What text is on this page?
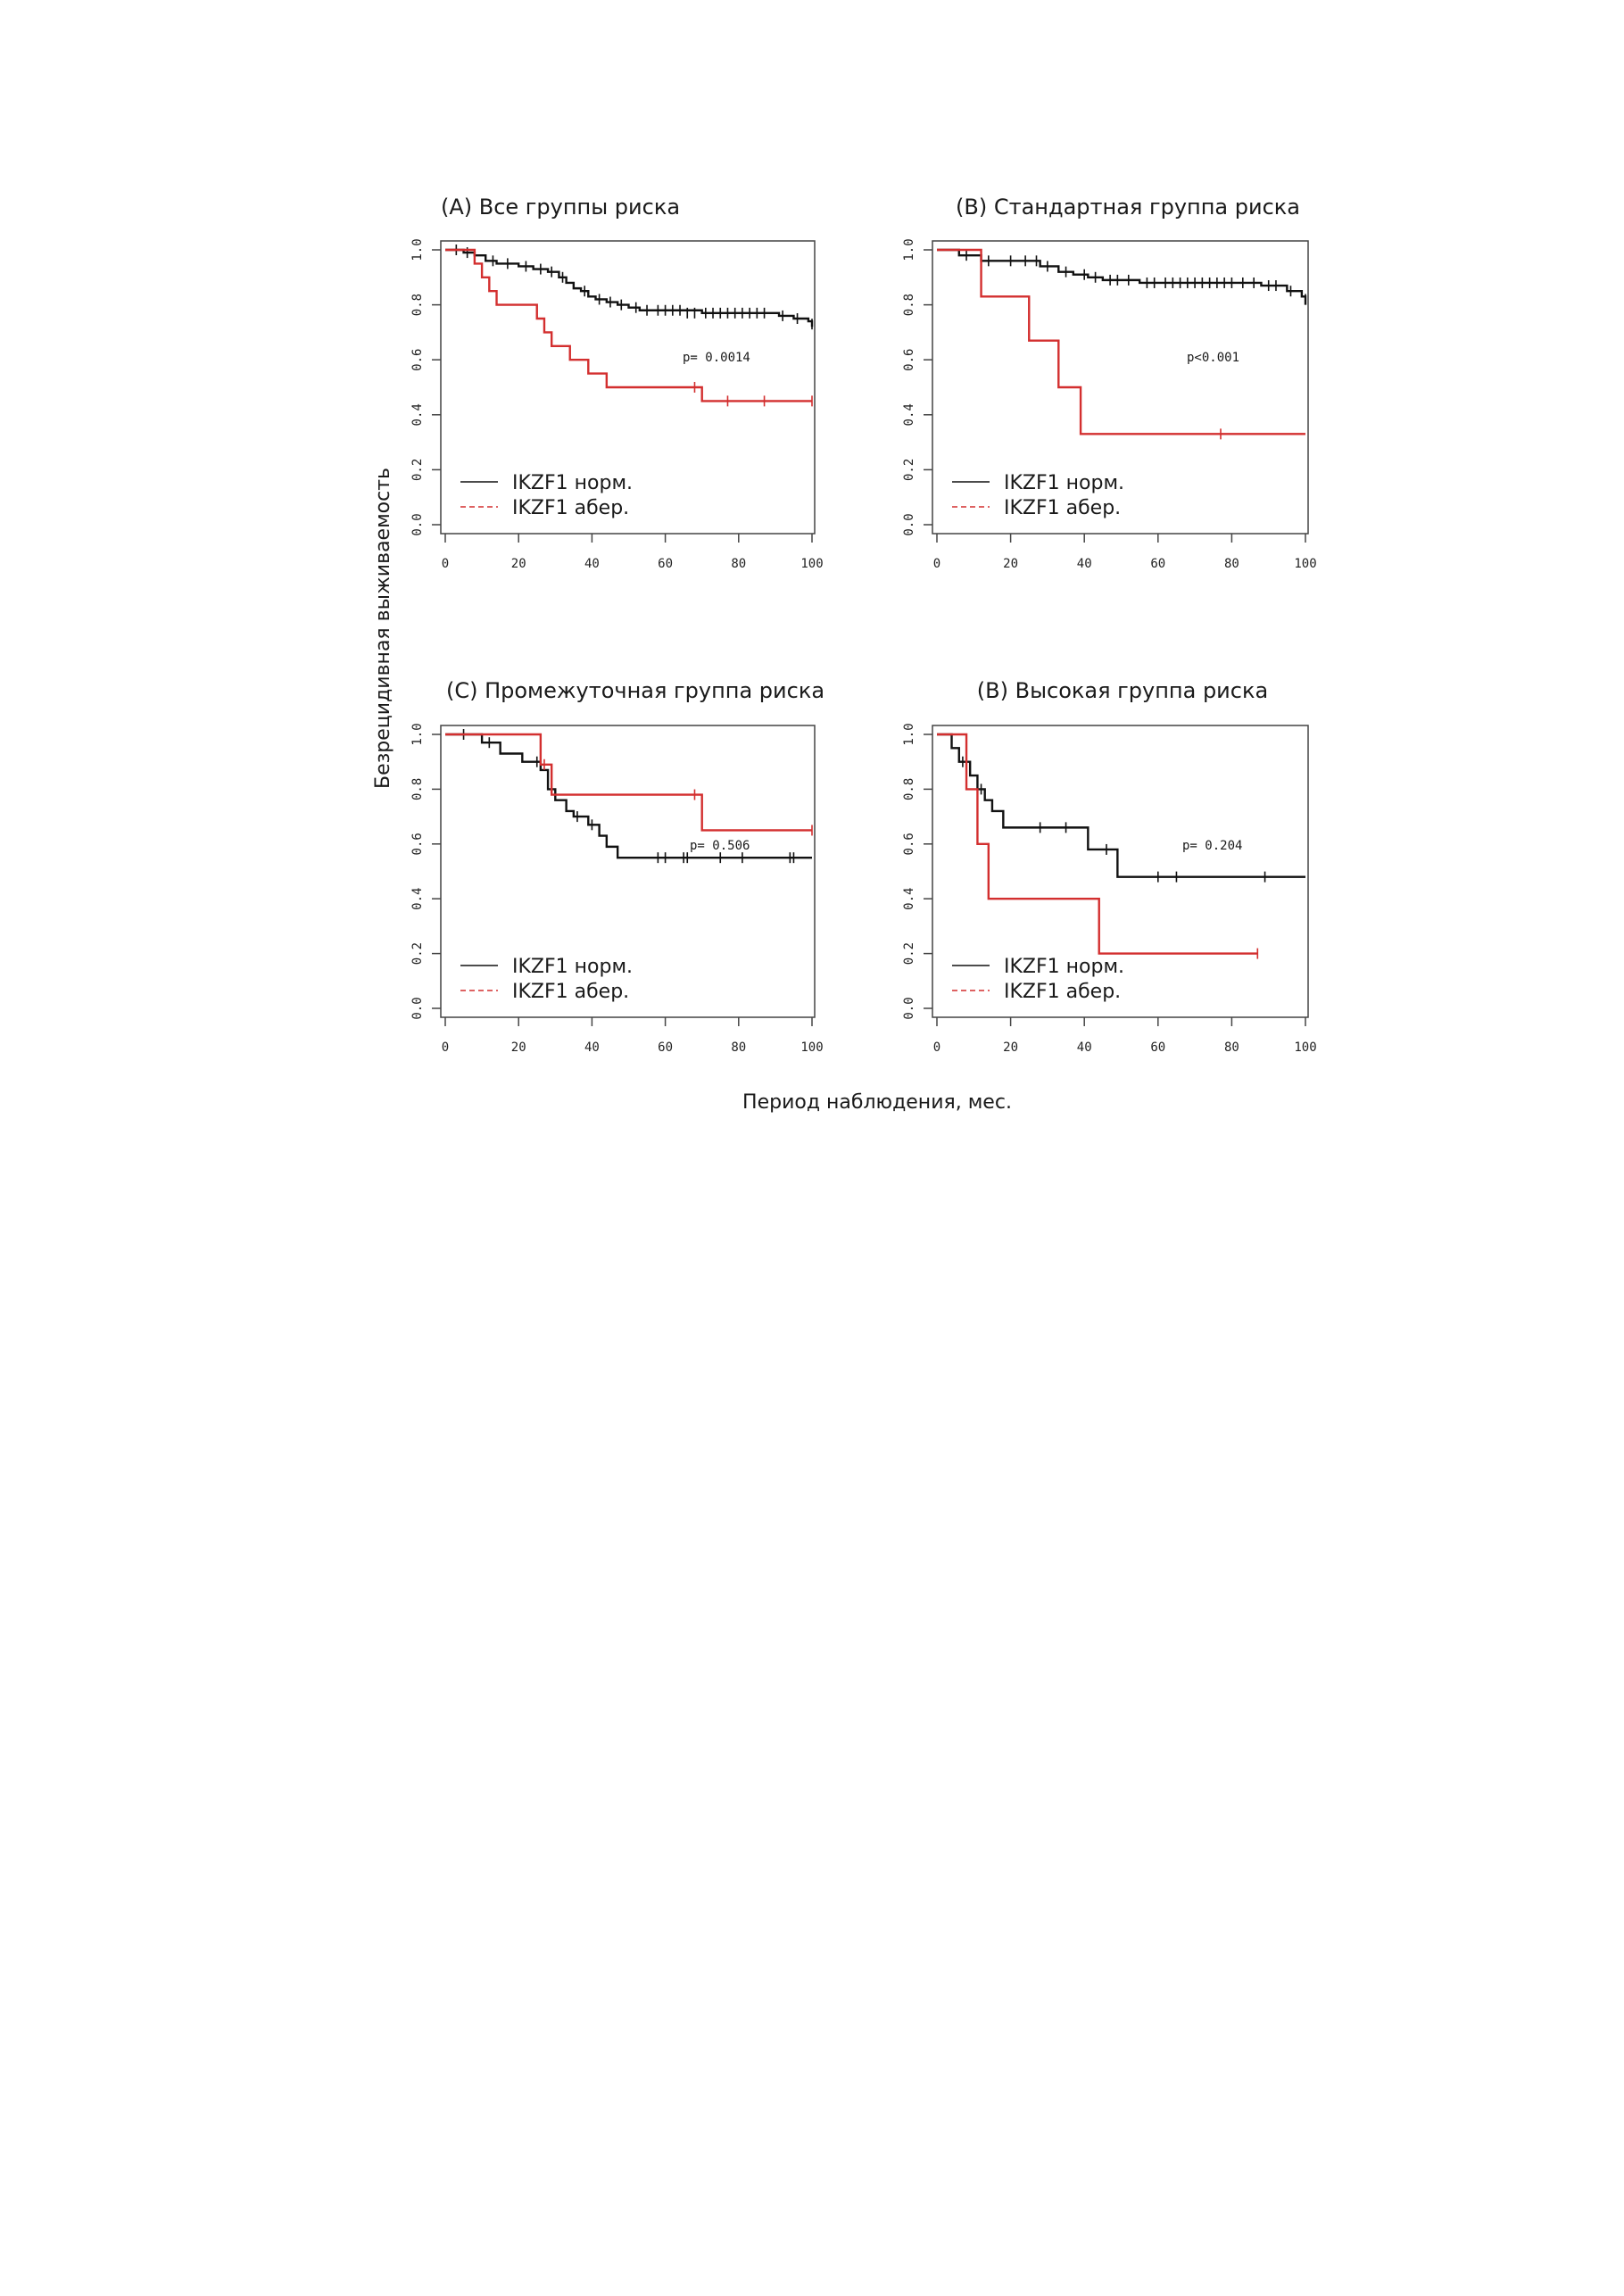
(A) Все группы риска
p= 0.0014
0	20	40	60	80	100
0.0
0.2
0.4
0.6
0.8
1.0
IKZF1 норм.
IKZF1 абер.
(B) Стандартная группа риска
p<0.001
0	20	40	60	80	100
0.0
0.2
0.4
0.6
0.8
1.0
IKZF1 норм.
IKZF1 абер.
(C) Промежуточная группа риска
p= 0.506
0	20	40	60	80	100
0.0
0.2
0.4
0.6
0.8
1.0
IKZF1 норм.
IKZF1 абер.
(B) Высокая группа риска
p= 0.204
0	20	40	60	80	100
0.0
0.2
0.4
0.6
0.8
1.0
IKZF1 норм.
IKZF1 абер.
Безрецидивная выживаемость
Период наблюдения, мес.
